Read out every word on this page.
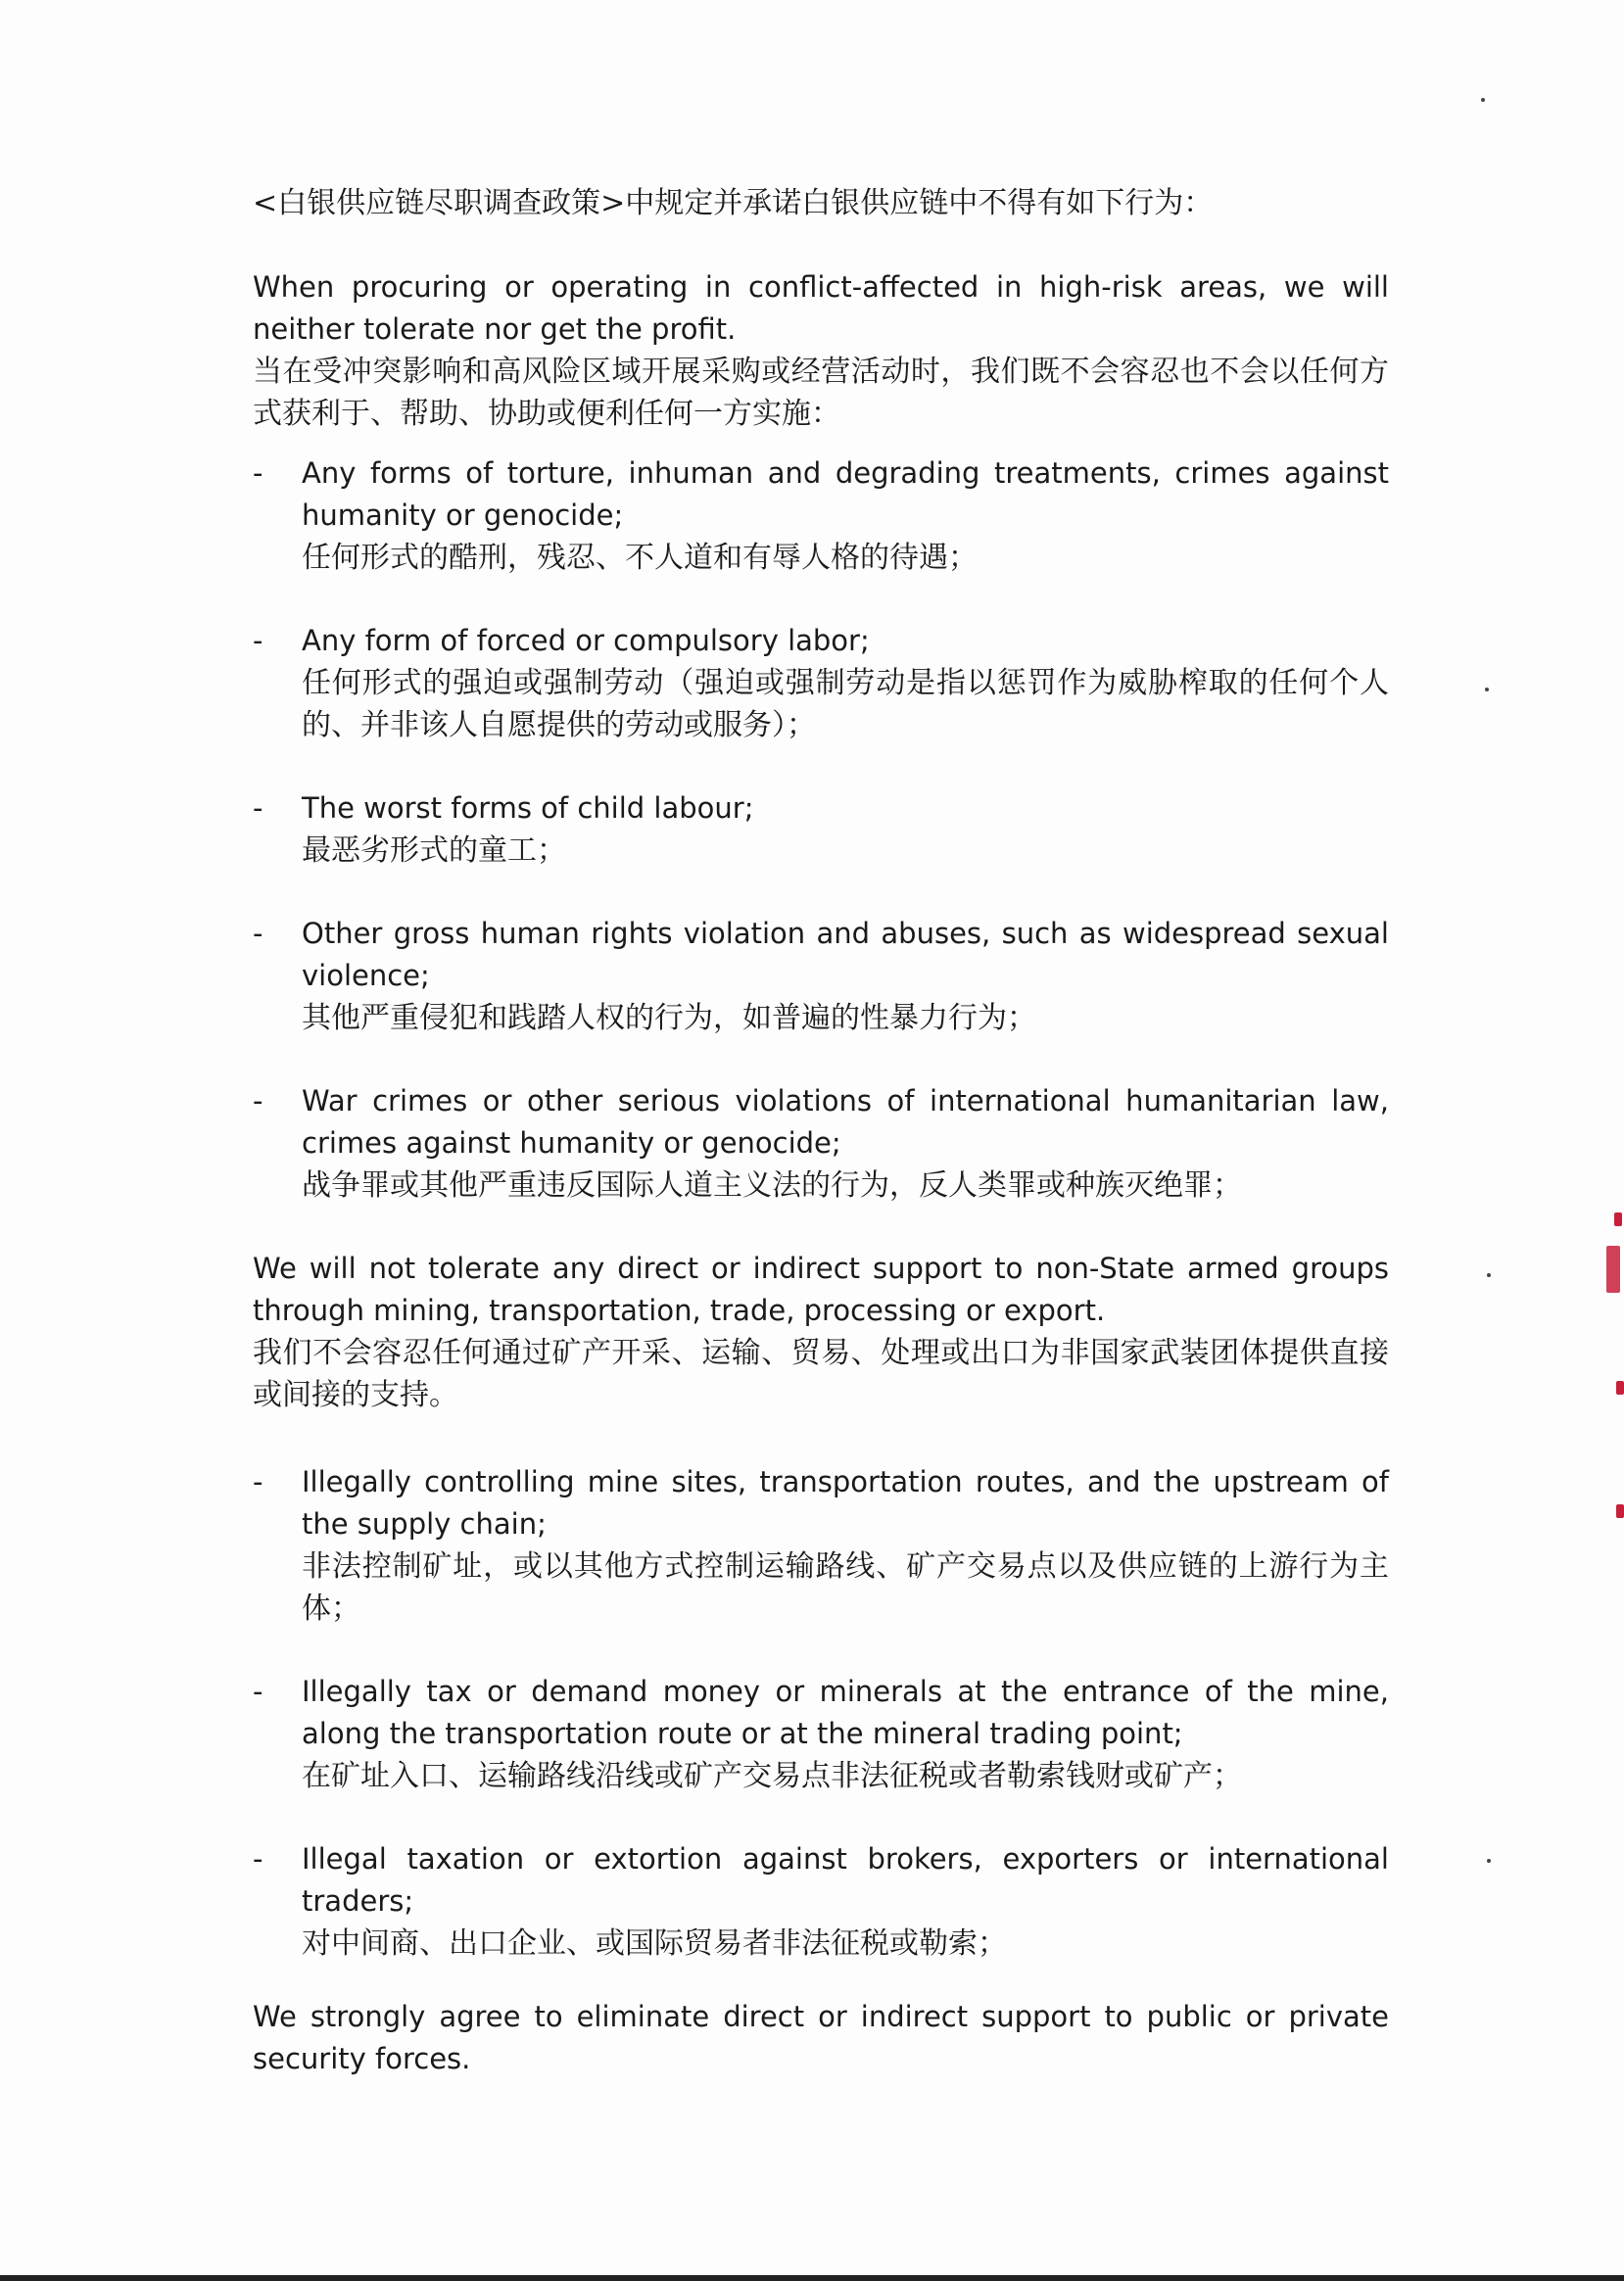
<白银供应链尽职调查政策>中规定并承诺白银供应链中不得有如下行为：

When procuring or operating in conflict-affected in high-risk areas, we will neither tolerate nor get the profit.

当在受冲突影响和高风险区域开展采购或经营活动时，我们既不会容忍也不会以任何方式获利于、帮助、协助或便利任何一方实施：

- Any forms of torture, inhuman and degrading treatments, crimes against humanity or genocide;

任何形式的酷刑，残忍、不人道和有辱人格的待遇；

- Any form of forced or compulsory labor;

任何形式的强迫或强制劳动（强迫或强制劳动是指以惩罚作为威胁榨取的任何个人的、并非该人自愿提供的劳动或服务）；

- The worst forms of child labour;

最恶劣形式的童工；

- Other gross human rights violation and abuses, such as widespread sexual violence;

其他严重侵犯和践踏人权的行为，如普遍的性暴力行为；

- War crimes or other serious violations of international humanitarian law, crimes against humanity or genocide;

战争罪或其他严重违反国际人道主义法的行为，反人类罪或种族灭绝罪；

We will not tolerate any direct or indirect support to non-State armed groups through mining, transportation, trade, processing or export.

我们不会容忍任何通过矿产开采、运输、贸易、处理或出口为非国家武装团体提供直接或间接的支持。

- Illegally controlling mine sites, transportation routes, and the upstream of the supply chain;

非法控制矿址，或以其他方式控制运输路线、矿产交易点以及供应链的上游行为主体；

- Illegally tax or demand money or minerals at the entrance of the mine, along the transportation route or at the mineral trading point;

在矿址入口、运输路线沿线或矿产交易点非法征税或者勒索钱财或矿产；

- Illegal taxation or extortion against brokers, exporters or international traders;

对中间商、出口企业、或国际贸易者非法征税或勒索；

We strongly agree to eliminate direct or indirect support to public or private security forces.
